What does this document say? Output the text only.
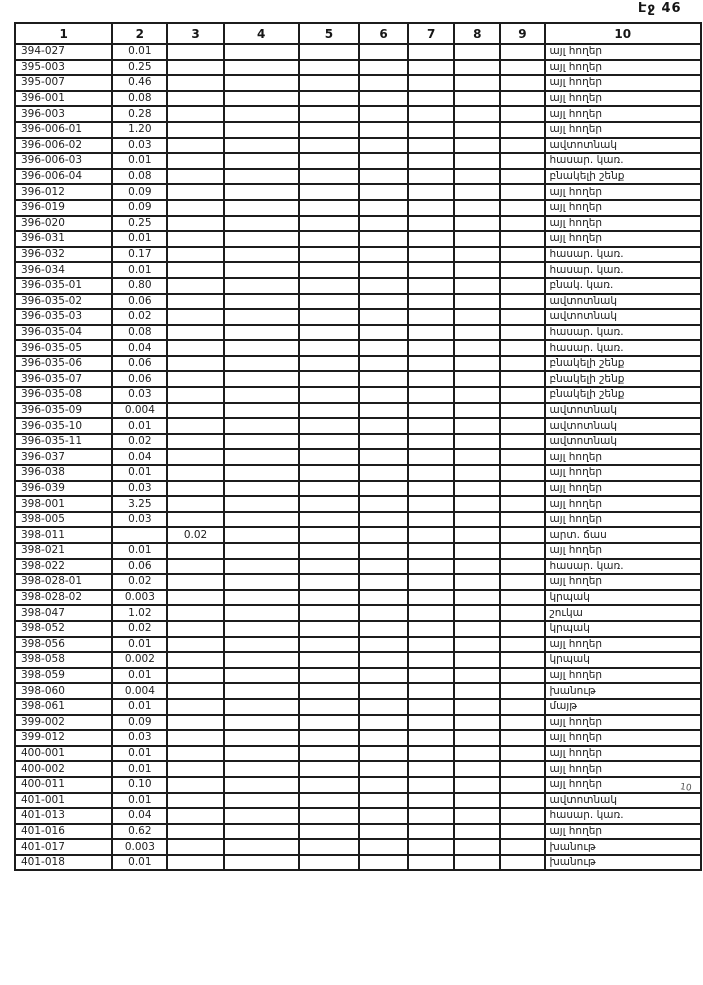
Էջ 46
10
1	2	3	4	5	6	7	8	9	10
394-027	0.01								այլ հողեր
395-003	0.25								այլ հողեր
395-007	0.46								այլ հողեր
396-001	0.08								այլ հողեր
396-003	0.28								այլ հողեր
396-006-01	1.20								այլ հողեր
396-006-02	0.03								ավտոտնակ
396-006-03	0.01								հասար. կառ.
396-006-04	0.08								բնակելի շենք
396-012	0.09								այլ հողեր
396-019	0.09								այլ հողեր
396-020	0.25								այլ հողեր
396-031	0.01								այլ հողեր
396-032	0.17								հասար. կառ.
396-034	0.01								հասար. կառ.
396-035-01	0.80								բնակ. կառ.
396-035-02	0.06								ավտոտնակ
396-035-03	0.02								ավտոտնակ
396-035-04	0.08								հասար. կառ.
396-035-05	0.04								հասար. կառ.
396-035-06	0.06								բնակելի շենք
396-035-07	0.06								բնակելի շենք
396-035-08	0.03								բնակելի շենք
396-035-09	0.004								ավտոտնակ
396-035-10	0.01								ավտոտնակ
396-035-11	0.02								ավտոտնակ
396-037	0.04								այլ հողեր
396-038	0.01								այլ հողեր
396-039	0.03								այլ հողեր
398-001	3.25								այլ հողեր
398-005	0.03								այլ հողեր
398-011		0.02							արտ. ճաս
398-021	0.01								այլ հողեր
398-022	0.06								հասար. կառ.
398-028-01	0.02								այլ հողեր
398-028-02	0.003								կրպակ
398-047	1.02								շուկա
398-052	0.02								կրպակ
398-056	0.01								այլ հողեր
398-058	0.002								կրպակ
398-059	0.01								այլ հողեր
398-060	0.004								խանութ
398-061	0.01								մայթ
399-002	0.09								այլ հողեր
399-012	0.03								այլ հողեր
400-001	0.01								այլ հողեր
400-002	0.01								այլ հողեր
400-011	0.10								այլ հողեր
401-001	0.01								ավտոտնակ
401-013	0.04								հասար. կառ.
401-016	0.62								այլ հողեր
401-017	0.003								խանութ
401-018	0.01								խանութ
